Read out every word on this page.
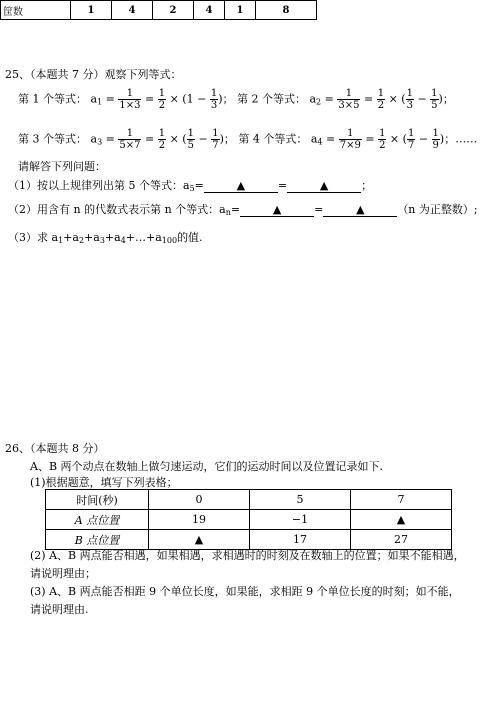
筐数	1	4	2	4	1	8
25、（本题共 7 分）观察下列等式：
第 1 个等式： $a_1 = \frac{1}{1\times 3} = \frac{1}{2} \times (1 - \frac{1}{3}$ )； 第 2 个等式： $a_2 = \frac{1}{3\times 5} = \frac{1}{2}$ × ( $\frac{1}{3} - \frac{1}{5}$ )；
第 3 个等式： $a_3 = \frac{1}{5\times 7} = \frac{1}{2}$ × ( $\frac{1}{5} - \frac{1}{7}$ )； 第 4 个等式： $a_4 = \frac{1}{7\times 9} = \frac{1}{2}$ × ( $\frac{1}{7} - \frac{1}{9}$ )；……
请解答下列问题：
（1）按以上规律列出第 5 个等式：$a_5=$	▲	=	▲	；
（2）用含有 n 的代数式表示第 n 个等式：$a_n=$	▲	=	▲	（n 为正整数）;
（3）求 $a_1+a_2+a_3+a_4+\dots+a_{100}$的值.
26、（本题共 8 分）
A、B 两个动点在数轴上做匀速运动，它们的运动时间以及位置记录如下.
(1)根据题意，填写下列表格；
时间(秒)	0	5	7
A 点位置	19	−1	▲
B 点位置	▲	17	27
(2) A、B 两点能否相遇，如果相遇，求相遇时的时刻及在数轴上的位置；如果不能相遇，
请说明理由；
(3) A、B 两点能否相距 9 个单位长度，如果能，求相距 9 个单位长度的时刻；如不能，
请说明理由.
